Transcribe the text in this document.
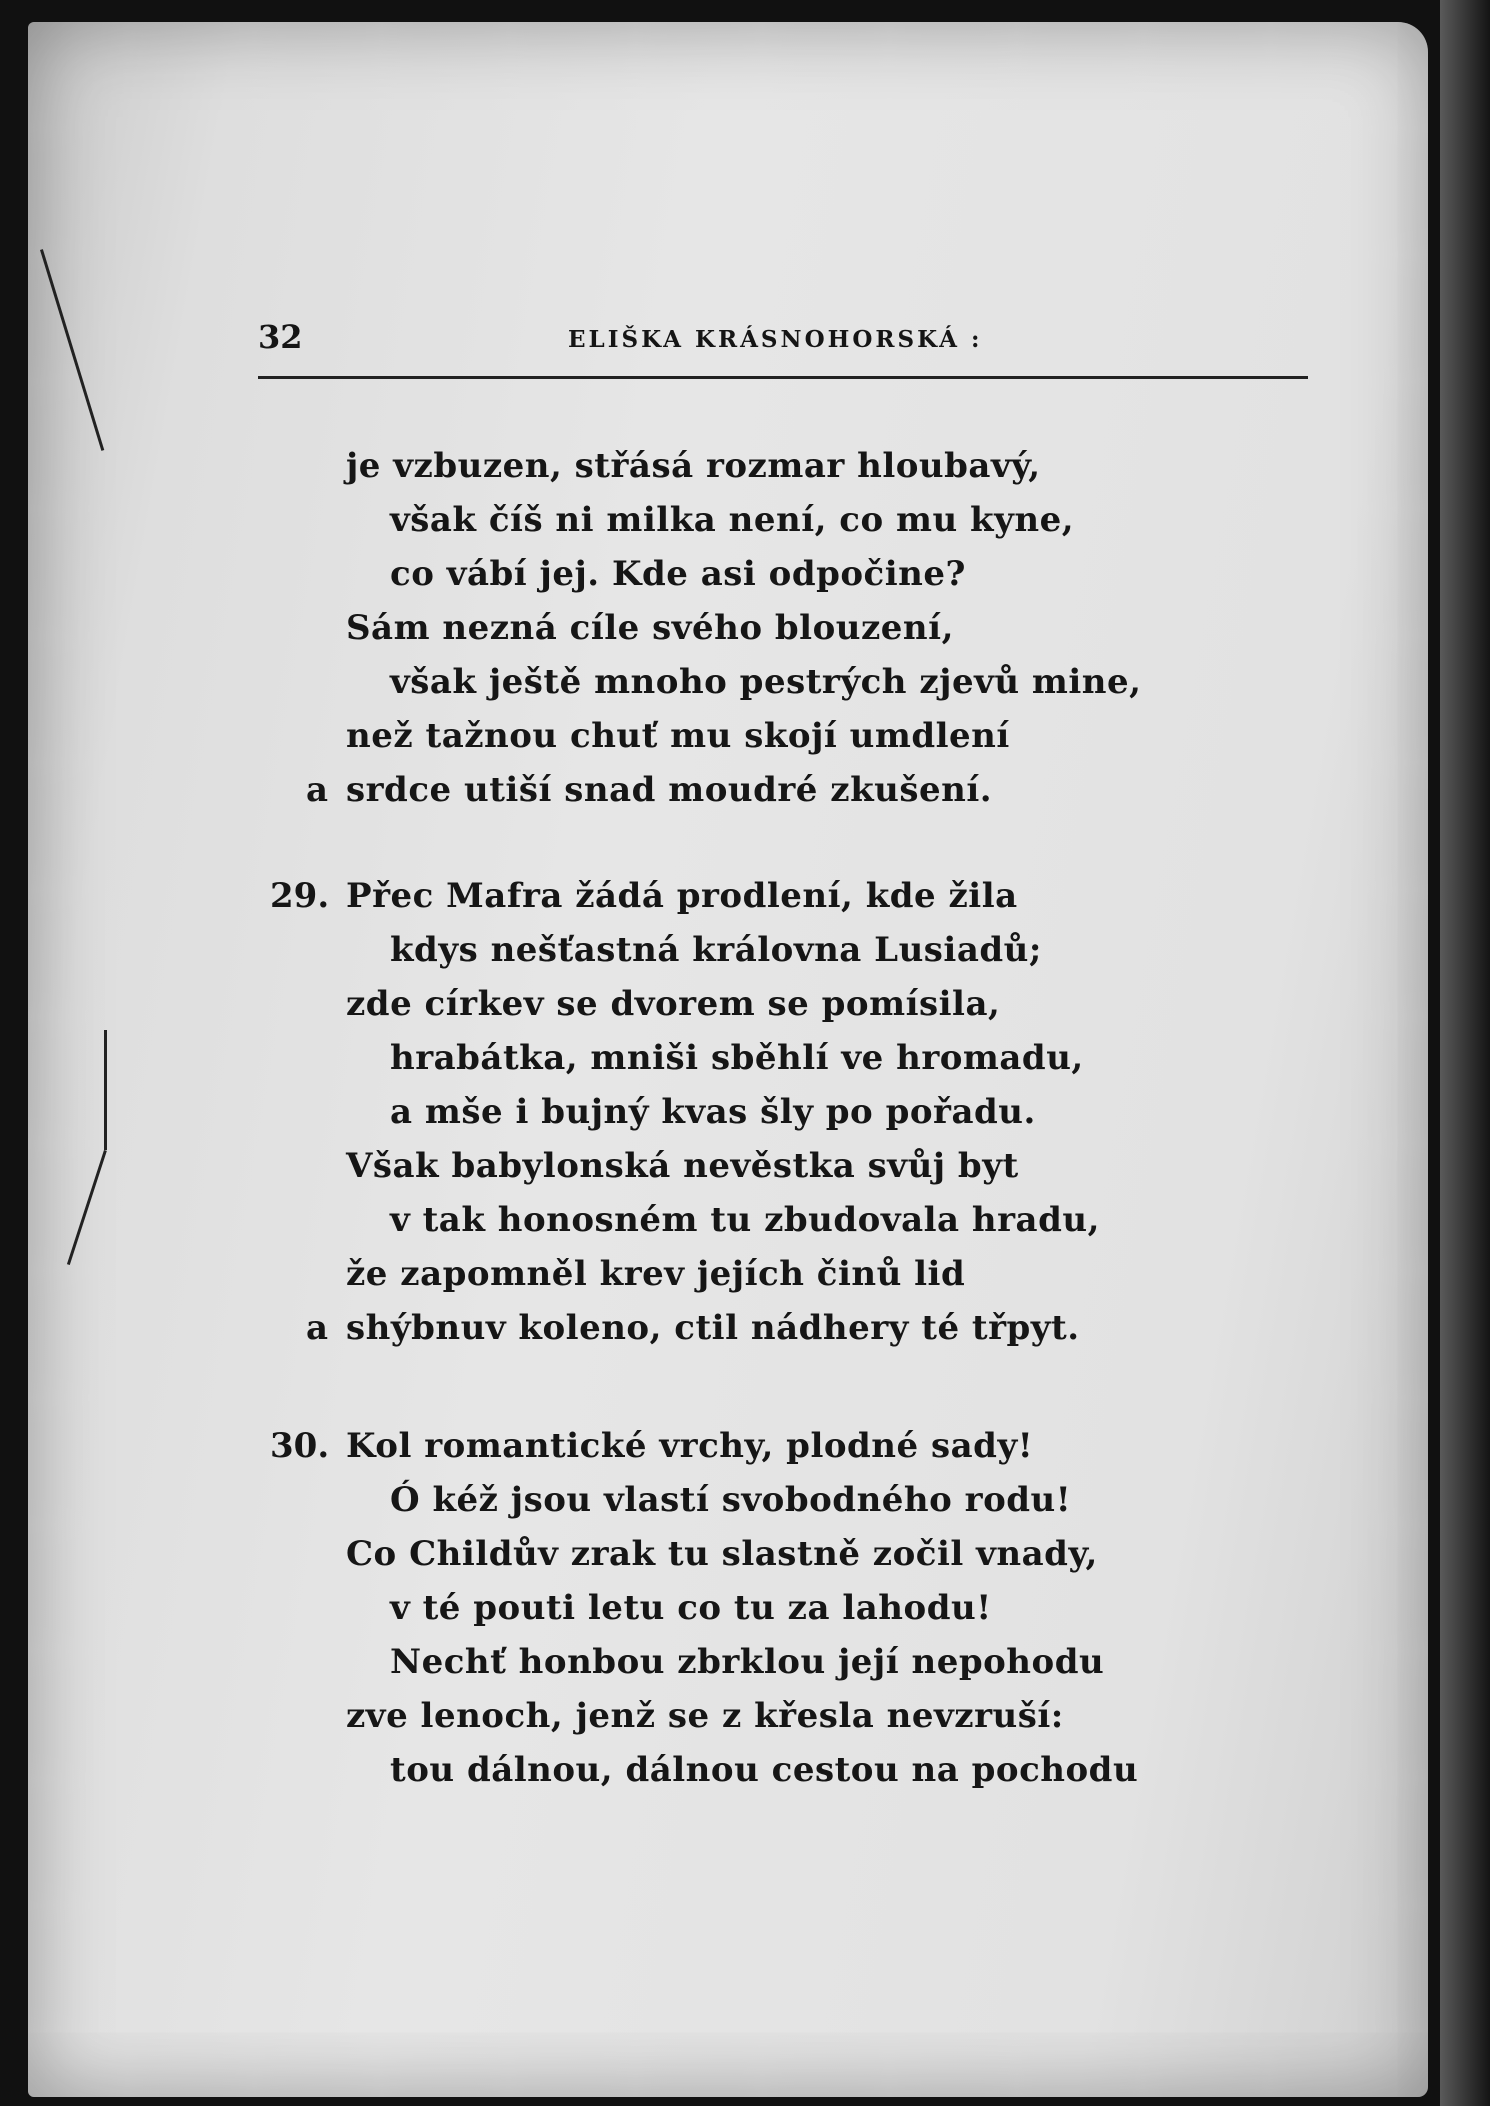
32	ELIŠKA KRÁSNOHORSKÁ :
je vzbuzen, střásá rozmar hloubavý,
však číš ni milka není, co mu kyne,
co vábí jej. Kde asi odpočine?
Sám nezná cíle svého blouzení,
však ještě mnoho pestrých zjevů mine,
než tažnou chuť mu skojí umdlení
a srdce utiší snad moudré zkušení.
29. Přec Mafra žádá prodlení, kde žila
kdys nešťastná královna Lusiadů;
zde církev se dvorem se pomísila,
hrabátka, mniši sběhlí ve hromadu,
a mše i bujný kvas šly po pořadu.
Však babylonská nevěstka svůj byt
v tak honosném tu zbudovala hradu,
že zapomněl krev jejích činů lid
a shýbnuv koleno, ctil nádhery té třpyt.
30. Kol romantické vrchy, plodné sady!
Ó kéž jsou vlastí svobodného rodu!
Co Childův zrak tu slastně zočil vnady,
v té pouti letu co tu za lahodu!
Nechť honbou zbrklou její nepohodu
zve lenoch, jenž se z křesla nevzruší:
tou dálnou, dálnou cestou na pochodu
